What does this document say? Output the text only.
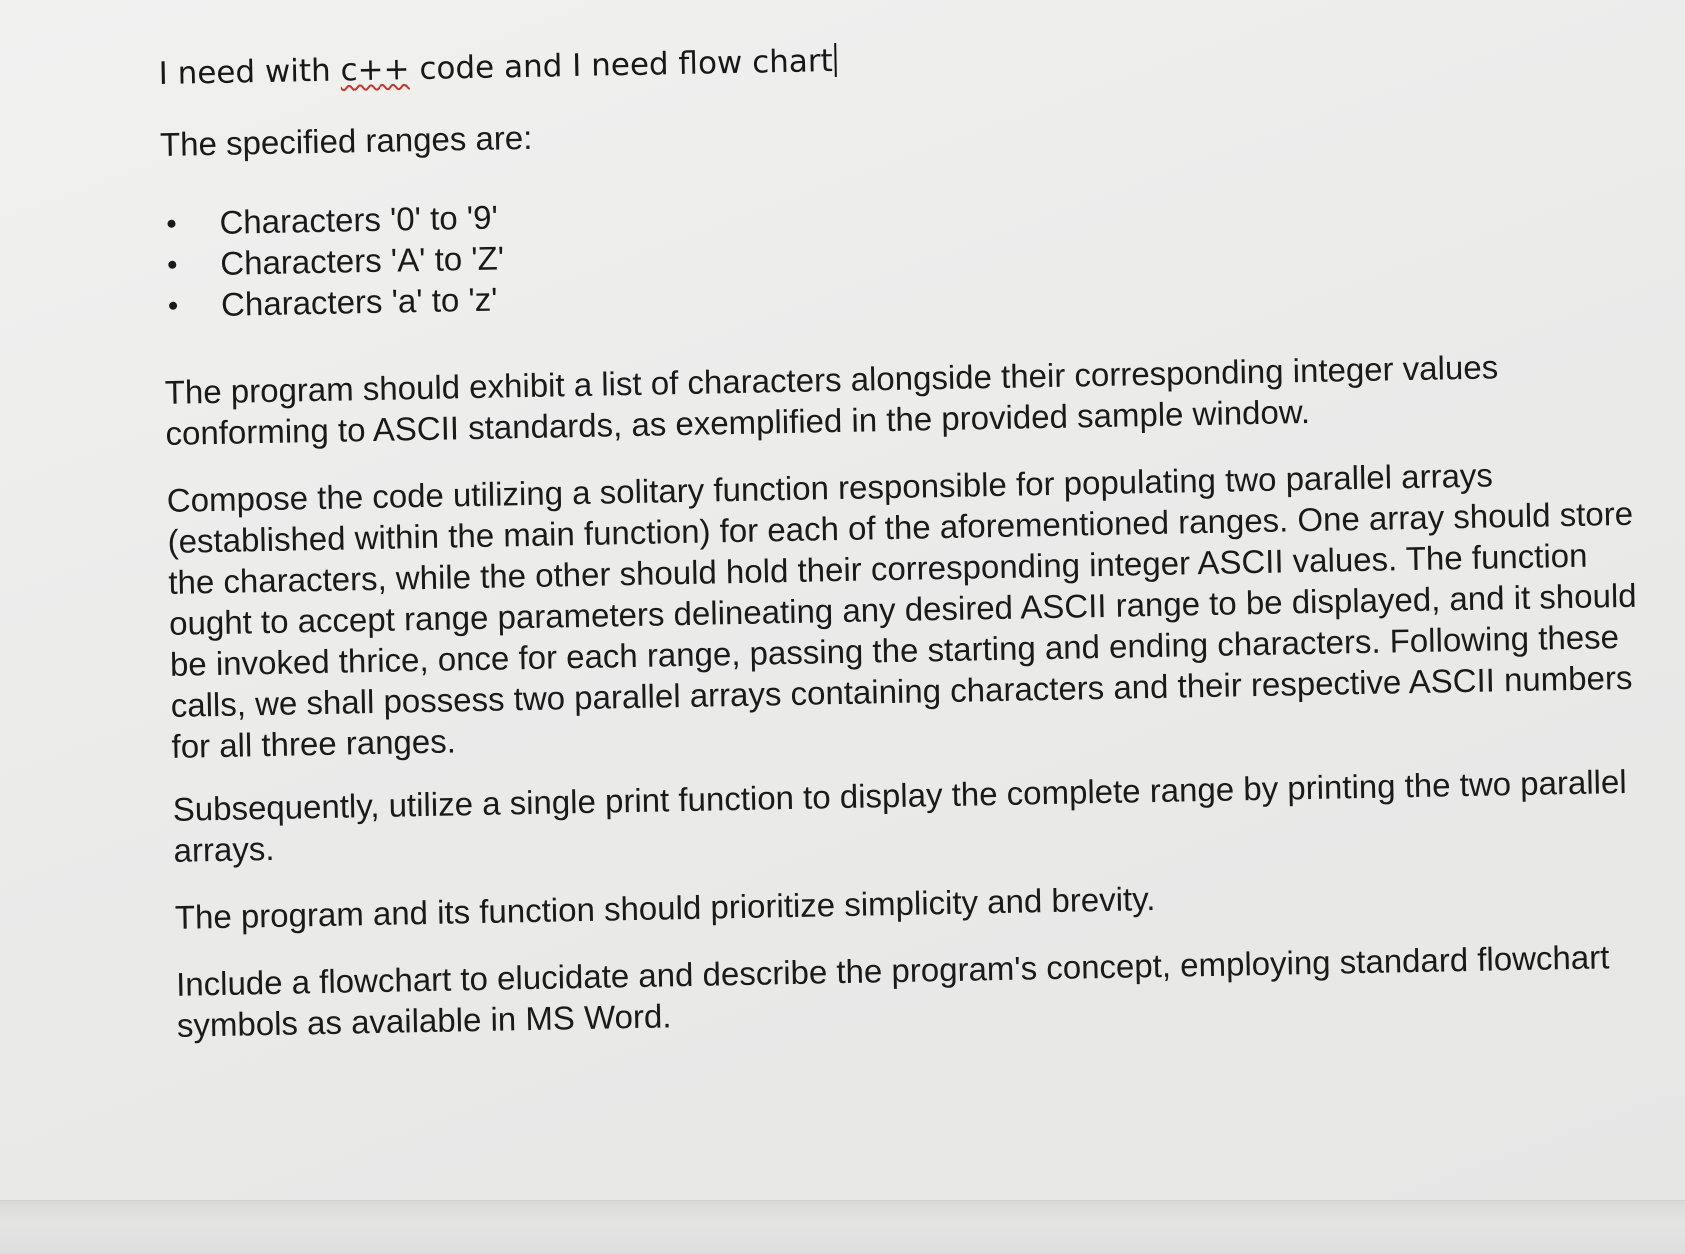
I need with c++ code and I need flow chart

The specified ranges are:

Characters '0' to '9'
Characters 'A' to 'Z'
Characters 'a' to 'z'

The program should exhibit a list of characters alongside their corresponding integer values conforming to ASCII standards, as exemplified in the provided sample window.

Compose the code utilizing a solitary function responsible for populating two parallel arrays (established within the main function) for each of the aforementioned ranges. One array should store the characters, while the other should hold their corresponding integer ASCII values. The function ought to accept range parameters delineating any desired ASCII range to be displayed, and it should be invoked thrice, once for each range, passing the starting and ending characters. Following these calls, we shall possess two parallel arrays containing characters and their respective ASCII numbers for all three ranges.

Subsequently, utilize a single print function to display the complete range by printing the two parallel arrays.

The program and its function should prioritize simplicity and brevity.

Include a flowchart to elucidate and describe the program's concept, employing standard flowchart symbols as available in MS Word.
